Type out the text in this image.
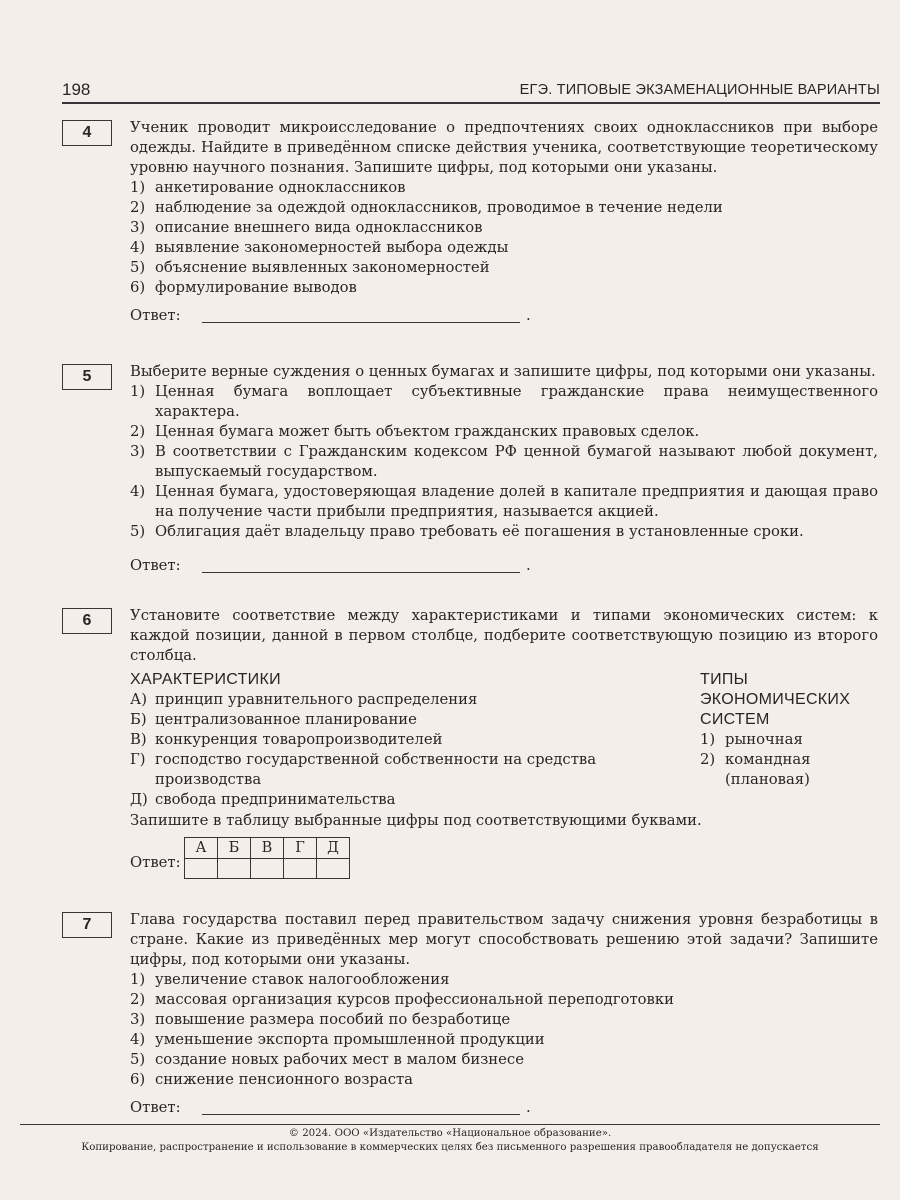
198	ЕГЭ. ТИПОВЫЕ ЭКЗАМЕНАЦИОННЫЕ ВАРИАНТЫ
4	Ученик проводит микроисследование о предпочтениях своих одноклассников при выборе одежды. Найдите в приведённом списке действия ученика, соответствующие теоретическому уровню научного познания. Запишите цифры, под которыми они указаны.
1) анкетирование одноклассников
2) наблюдение за одеждой одноклассников, проводимое в течение недели
3) описание внешнего вида одноклассников
4) выявление закономерностей выбора одежды
5) объяснение выявленных закономерностей
6) формулирование выводов
Ответ:	.
5	Выберите верные суждения о ценных бумагах и запишите цифры, под которыми они указаны.
1) Ценная бумага воплощает субъективные гражданские права неимущественного характера.
2) Ценная бумага может быть объектом гражданских правовых сделок.
3) В соответствии с Гражданским кодексом РФ ценной бумагой называют любой документ, выпускаемый государством.
4) Ценная бумага, удостоверяющая владение долей в капитале предприятия и дающая право на получение части прибыли предприятия, называется акцией.
5) Облигация даёт владельцу право требовать её погашения в установленные сроки.
Ответ:	.
6	Установите соответствие между характеристиками и типами экономических систем: к каждой позиции, данной в первом столбце, подберите соответствующую позицию из второго столбца.
ХАРАКТЕРИСТИКИ
А) принцип уравнительного распределения
Б) централизованное планирование
В) конкуренция товаропроизводителей
Г) господство государственной собственности на средства производства
Д) свобода предпринимательства
ТИПЫ
ЭКОНОМИЧЕСКИХ
СИСТЕМ
1) рыночная
2) командная (плановая)
Запишите в таблицу выбранные цифры под соответствующими буквами.
Ответ:
А	Б	В	Г	Д

7	Глава государства поставил перед правительством задачу снижения уровня безработицы в стране. Какие из приведённых мер могут способствовать решению этой задачи? Запишите цифры, под которыми они указаны.
1) увеличение ставок налогообложения
2) массовая организация курсов профессиональной переподготовки
3) повышение размера пособий по безработице
4) уменьшение экспорта промышленной продукции
5) создание новых рабочих мест в малом бизнесе
6) снижение пенсионного возраста
Ответ:	.
© 2024. ООО «Издательство «Национальное образование».
Копирование, распространение и использование в коммерческих целях без письменного разрешения правообладателя не допускается
